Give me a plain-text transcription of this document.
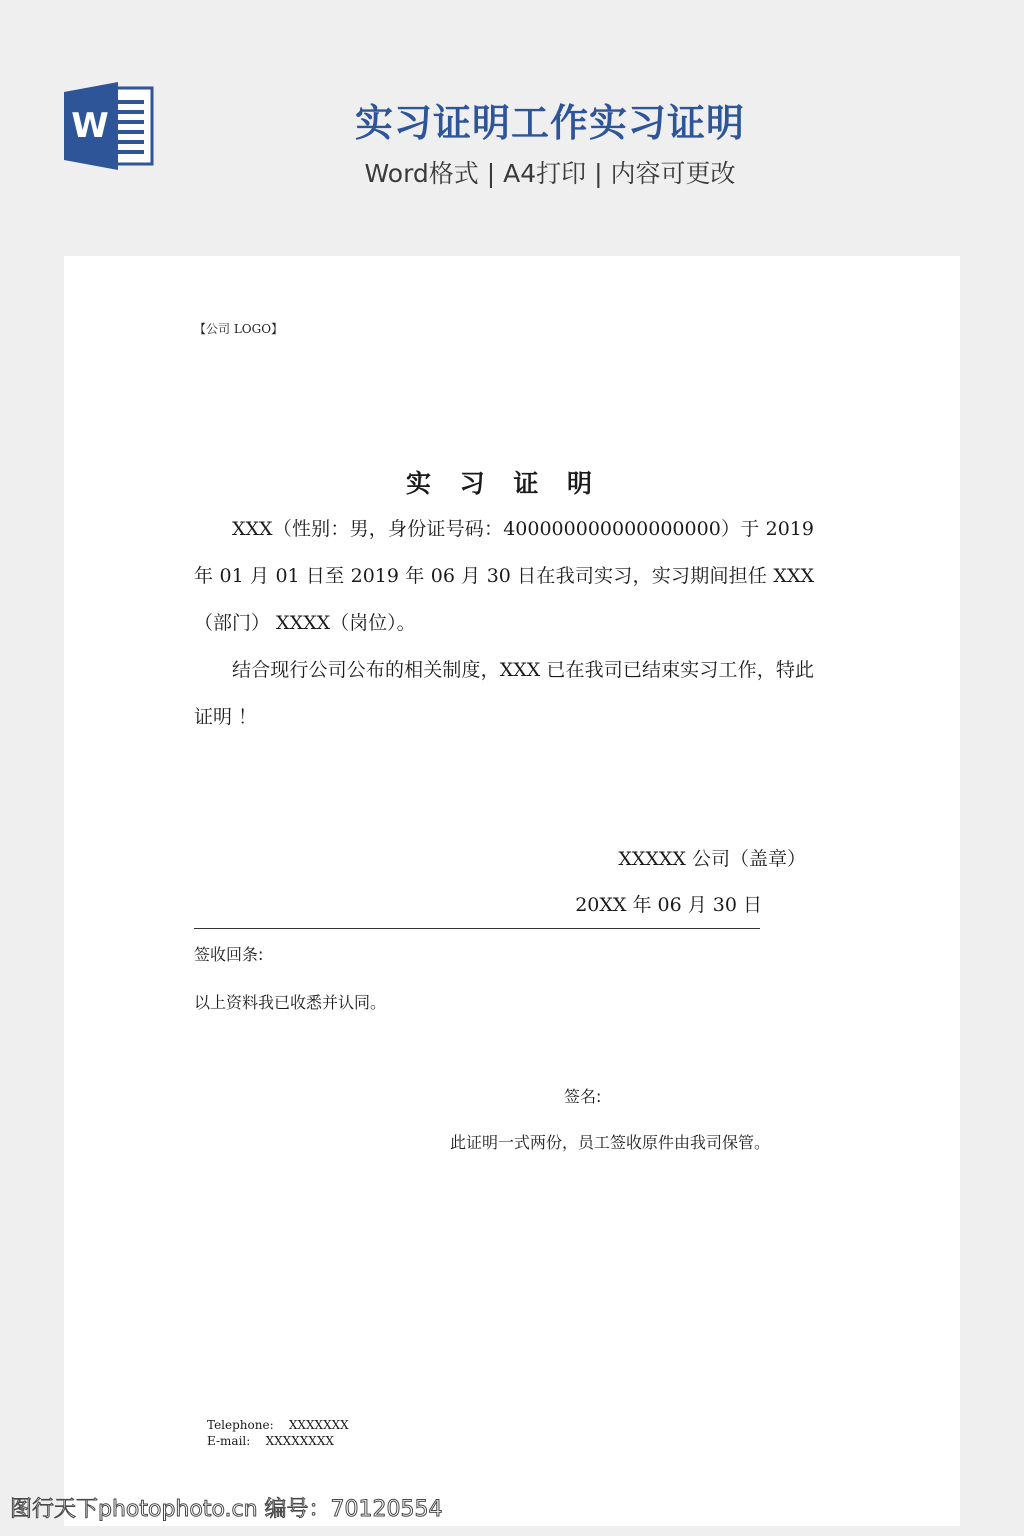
W	实习证明工作实习证明
Word格式 | A4打印 | 内容可更改
【公司 LOGO】
实 习 证 明

XXX（性别：男，身份证号码：400000000000000000）于 2019 年 01 月 01 日至 2019 年 06 月 30 日在我司实习，实习期间担任 XXX（部门） XXXX（岗位）。

结合现行公司公布的相关制度，XXX 已在我司已结束实习工作，特此证明 ！

XXXXX 公司（盖章）
20XX 年 06 月 30 日
签收回条:
以上资料我已收悉并认同。
签名:
此证明一式两份，员工签收原件由我司保管。
Telephone: XXXXXXX
E-mail: XXXXXXXX
图行天下photophoto.cn 编号：70120554
